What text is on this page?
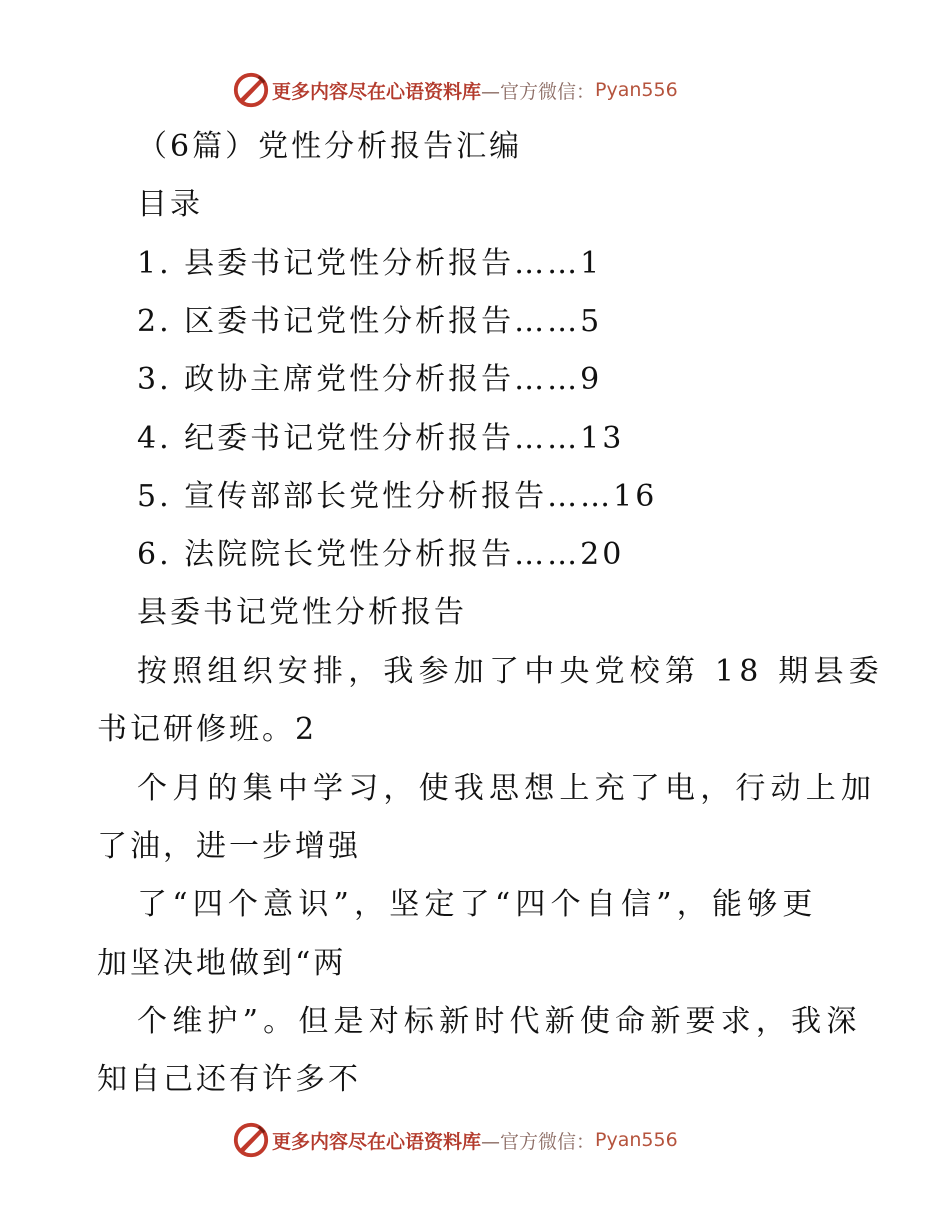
更多内容尽在心语资料库 —官方微信： Pyan556
（6篇）党性分析报告汇编
目录
1. 县委书记党性分析报告……1
2. 区委书记党性分析报告……5
3. 政协主席党性分析报告……9
4. 纪委书记党性分析报告……13
5. 宣传部部长党性分析报告……16
6. 法院院长党性分析报告……20
县委书记党性分析报告
按照组织安排，我参加了中央党校第 18 期县委
书记研修班。2
个月的集中学习，使我思想上充了电，行动上加
了油，进一步增强
了“四个意识”，坚定了“四个自信”，能够更
加坚决地做到“两
个维护”。但是对标新时代新使命新要求，我深
知自己还有许多不
更多内容尽在心语资料库 —官方微信： Pyan556
